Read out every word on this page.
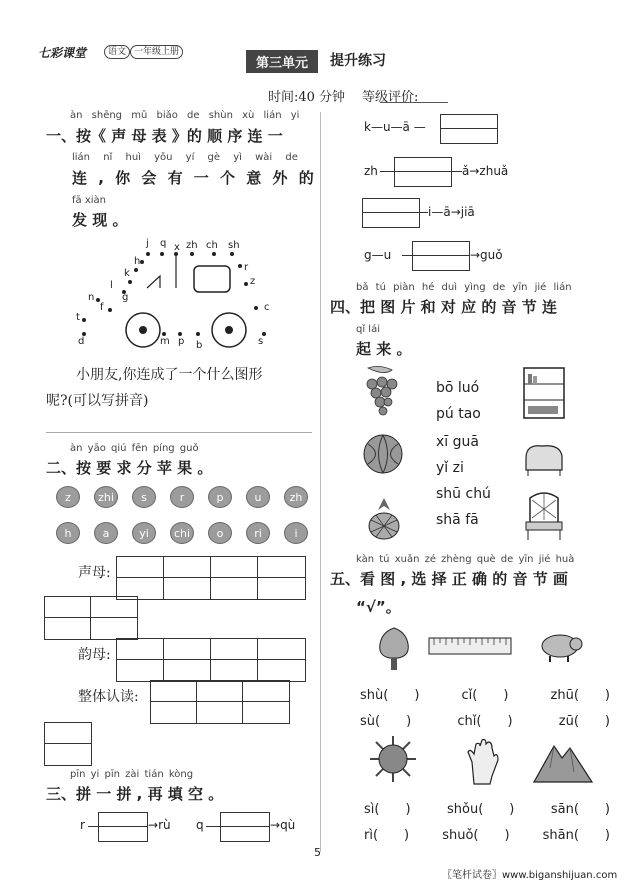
七彩课堂	语文 一年级上册
第三单元	提升练习
时间:40 分钟 等级评价:
àn shēng mǔ biǎo de shùn xù lián yi
一、按《 声 母 表 》的 顺 序 连 一
lián nǐ huì yǒu yí gè yì wài de
连 , 你 会 有 一 个 意 外 的
fā xiàn
发 现 。
j q x zh ch sh
l
k
h
g
n
f
t
d
r
z
c
s
m p b
小朋友,你连成了一个什么图形
呢?(可以写拼音)
àn yāo qiú fēn píng guǒ
二、按 要 求 分 苹 果 。
z	zhi	s	r	p	u	zh
h	a	yi	chi	o	ri	i
声母:
韵母:
整体认读:
pīn yi pīn zài tián kòng
三、拼 一 拼 , 再 填 空 。
r	→rù q	→qù
k—u—ā —
zh	ǎ→zhuǎ
i—ā→jiā
g—u	→guǒ
bǎ tú piàn hé duì yìng de yīn jié lián
四、把 图 片 和 对 应 的 音 节 连
qǐ lái
起 来 。
bō luó
pú tao
xī guā
yǐ zi
shū chú
shā fā
kàn tú xuǎn zé zhèng què de yīn jié huà
五、看 图 , 选 择 正 确 的 音 节 画
“√”。
shù(　　)	cǐ(　　)	zhū(　　)
sù(　　)	chǐ(　　)	zū(　　)
sì(　　)	shǒu(　　)	sān(　　)
rì(　　)	shuǒ(　　)	shān(　　)
5
〖笔杆试卷〗www.biganshijuan.com
